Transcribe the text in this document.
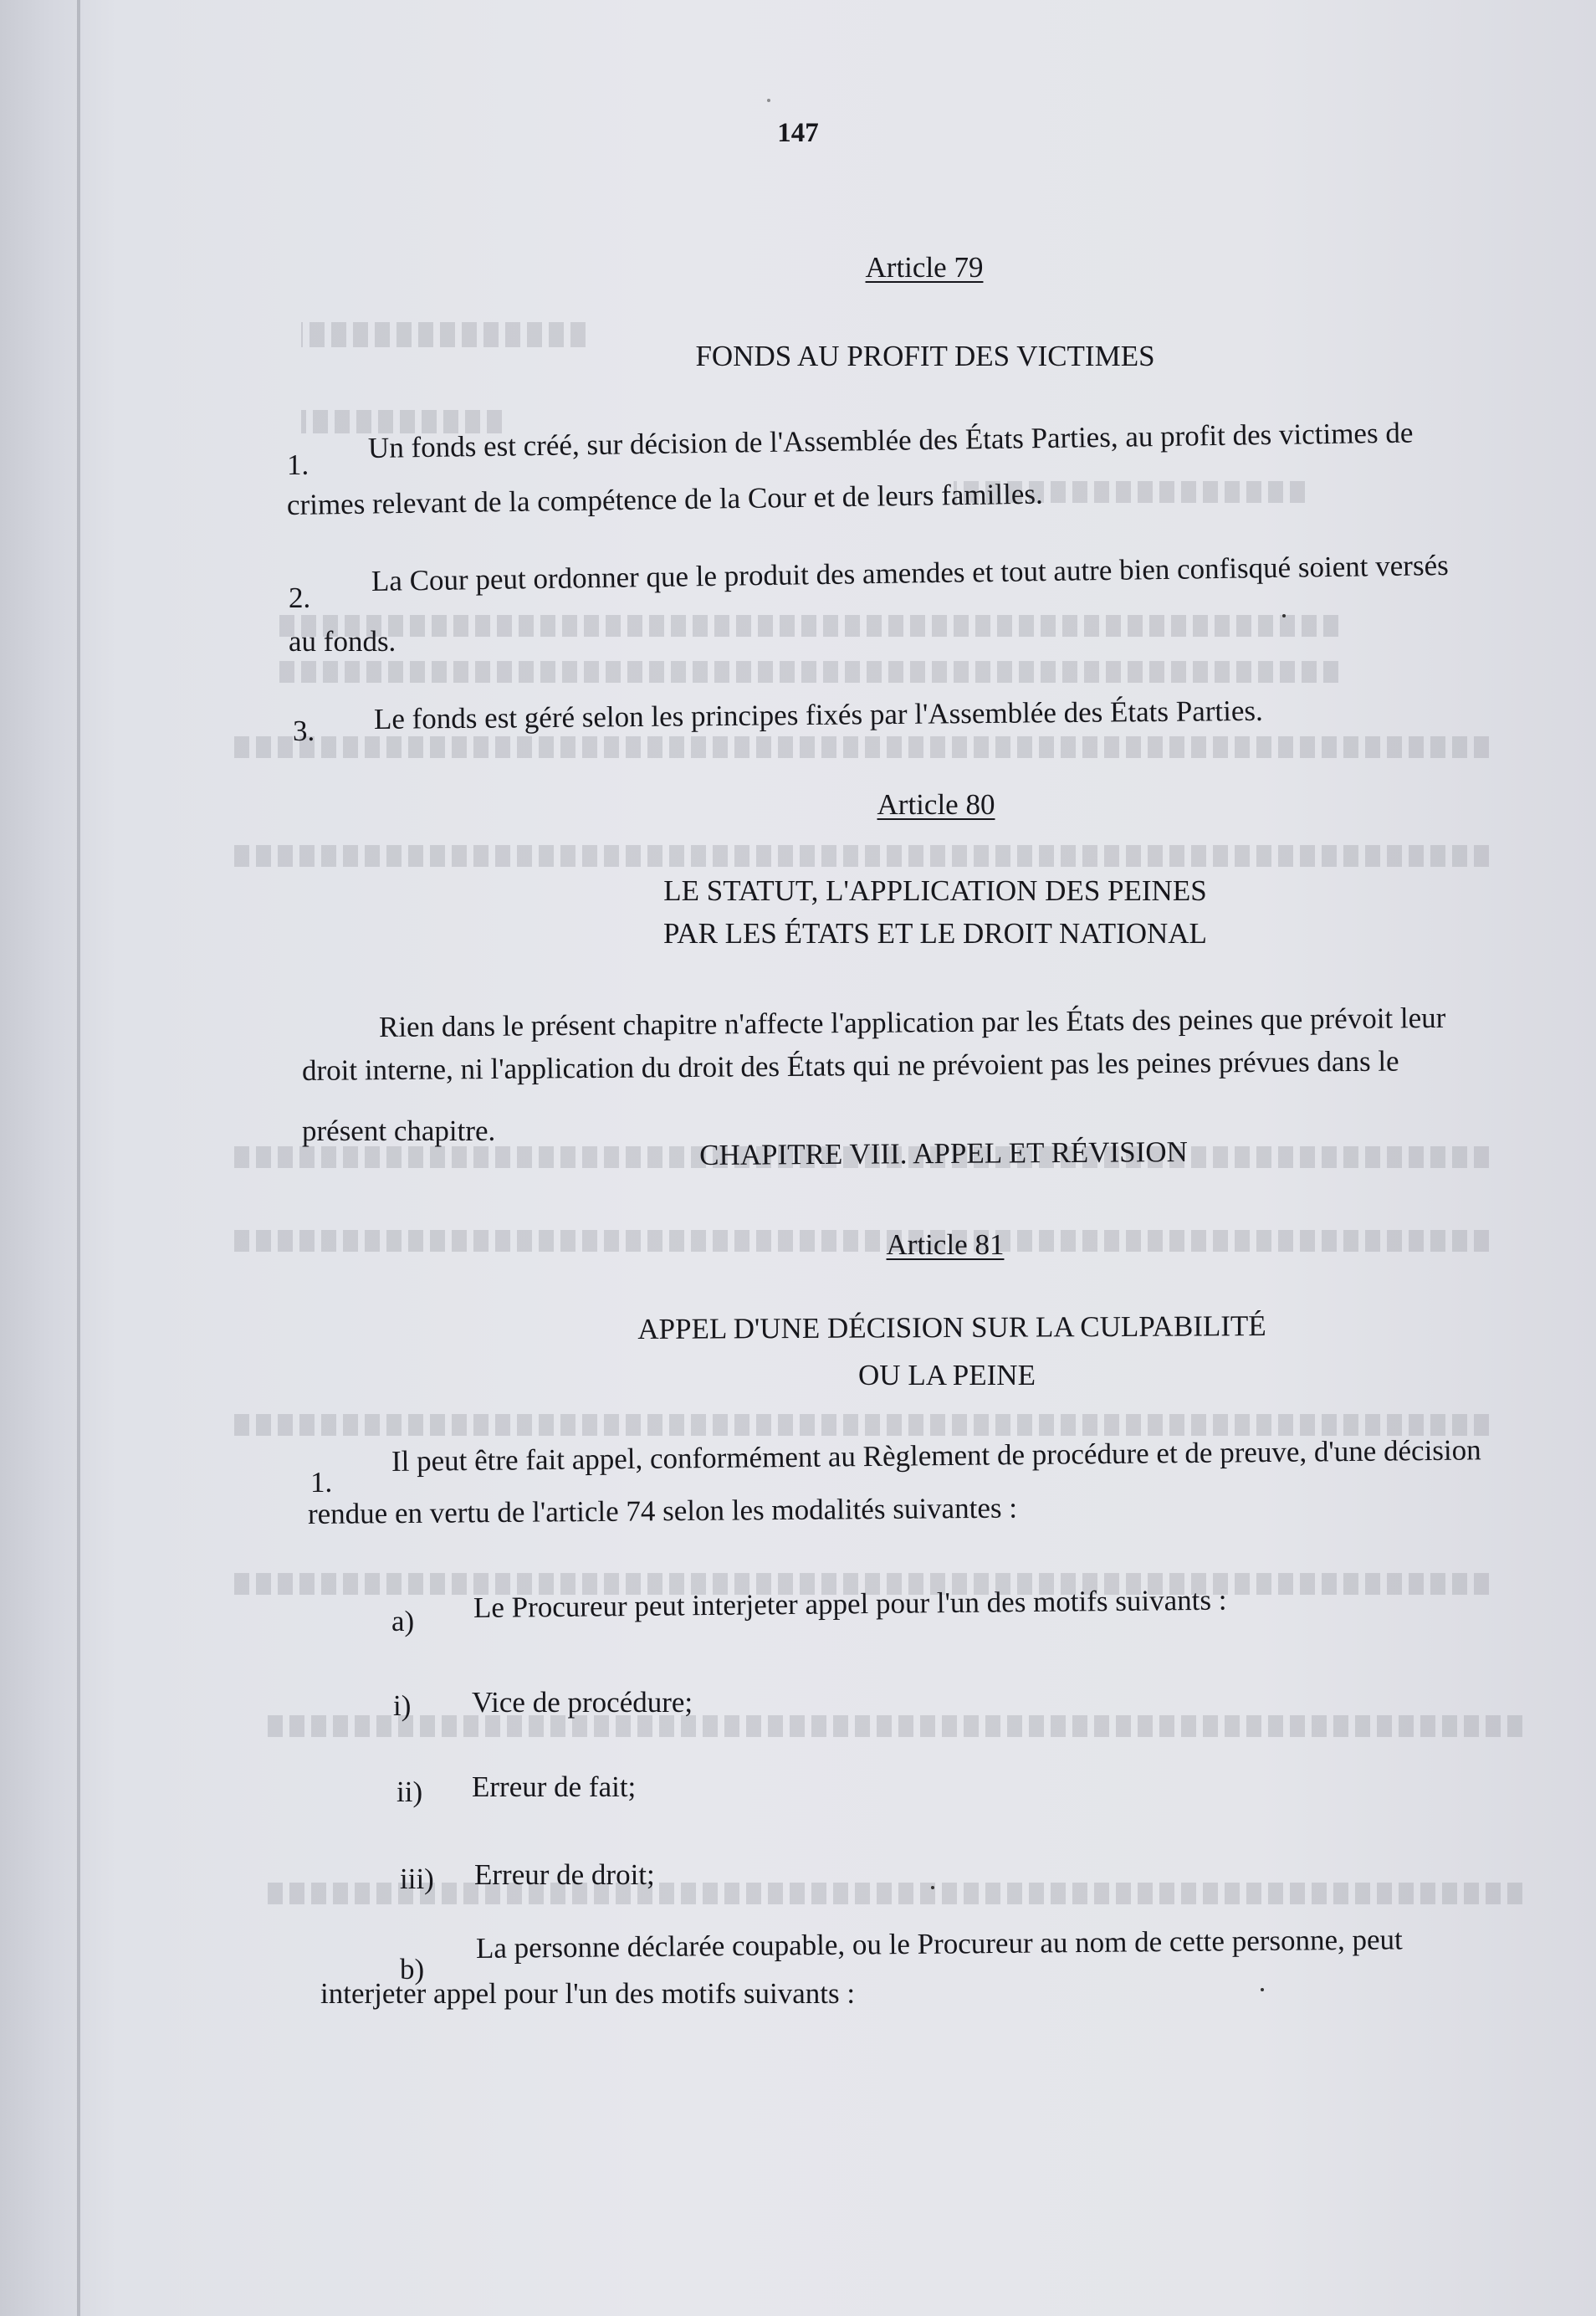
147
Article 79
FONDS AU PROFIT DES VICTIMES
1.
Un fonds est créé, sur décision de l'Assemblée des États Parties, au profit des victimes de
crimes relevant de la compétence de la Cour et de leurs familles.
2.
La Cour peut ordonner que le produit des amendes et tout autre bien confisqué soient versés
au fonds.
3. Le fonds est géré selon les principes fixés par l'Assemblée des États Parties.
Article 80
LE STATUT, L'APPLICATION DES PEINES
PAR LES ÉTATS ET LE DROIT NATIONAL
Rien dans le présent chapitre n'affecte l'application par les États des peines que prévoit leur
droit interne, ni l'application du droit des États qui ne prévoient pas les peines prévues dans le
présent chapitre.
CHAPITRE VIII. APPEL ET RÉVISION
Article 81
APPEL D'UNE DÉCISION SUR LA CULPABILITÉ
OU LA PEINE
1.
Il peut être fait appel, conformément au Règlement de procédure et de preuve, d'une décision
rendue en vertu de l'article 74 selon les modalités suivantes :
a) Le Procureur peut interjeter appel pour l'un des motifs suivants :
i) Vice de procédure;
ii) Erreur de fait;
iii) Erreur de droit;
b)
La personne déclarée coupable, ou le Procureur au nom de cette personne, peut
interjeter appel pour l'un des motifs suivants :
